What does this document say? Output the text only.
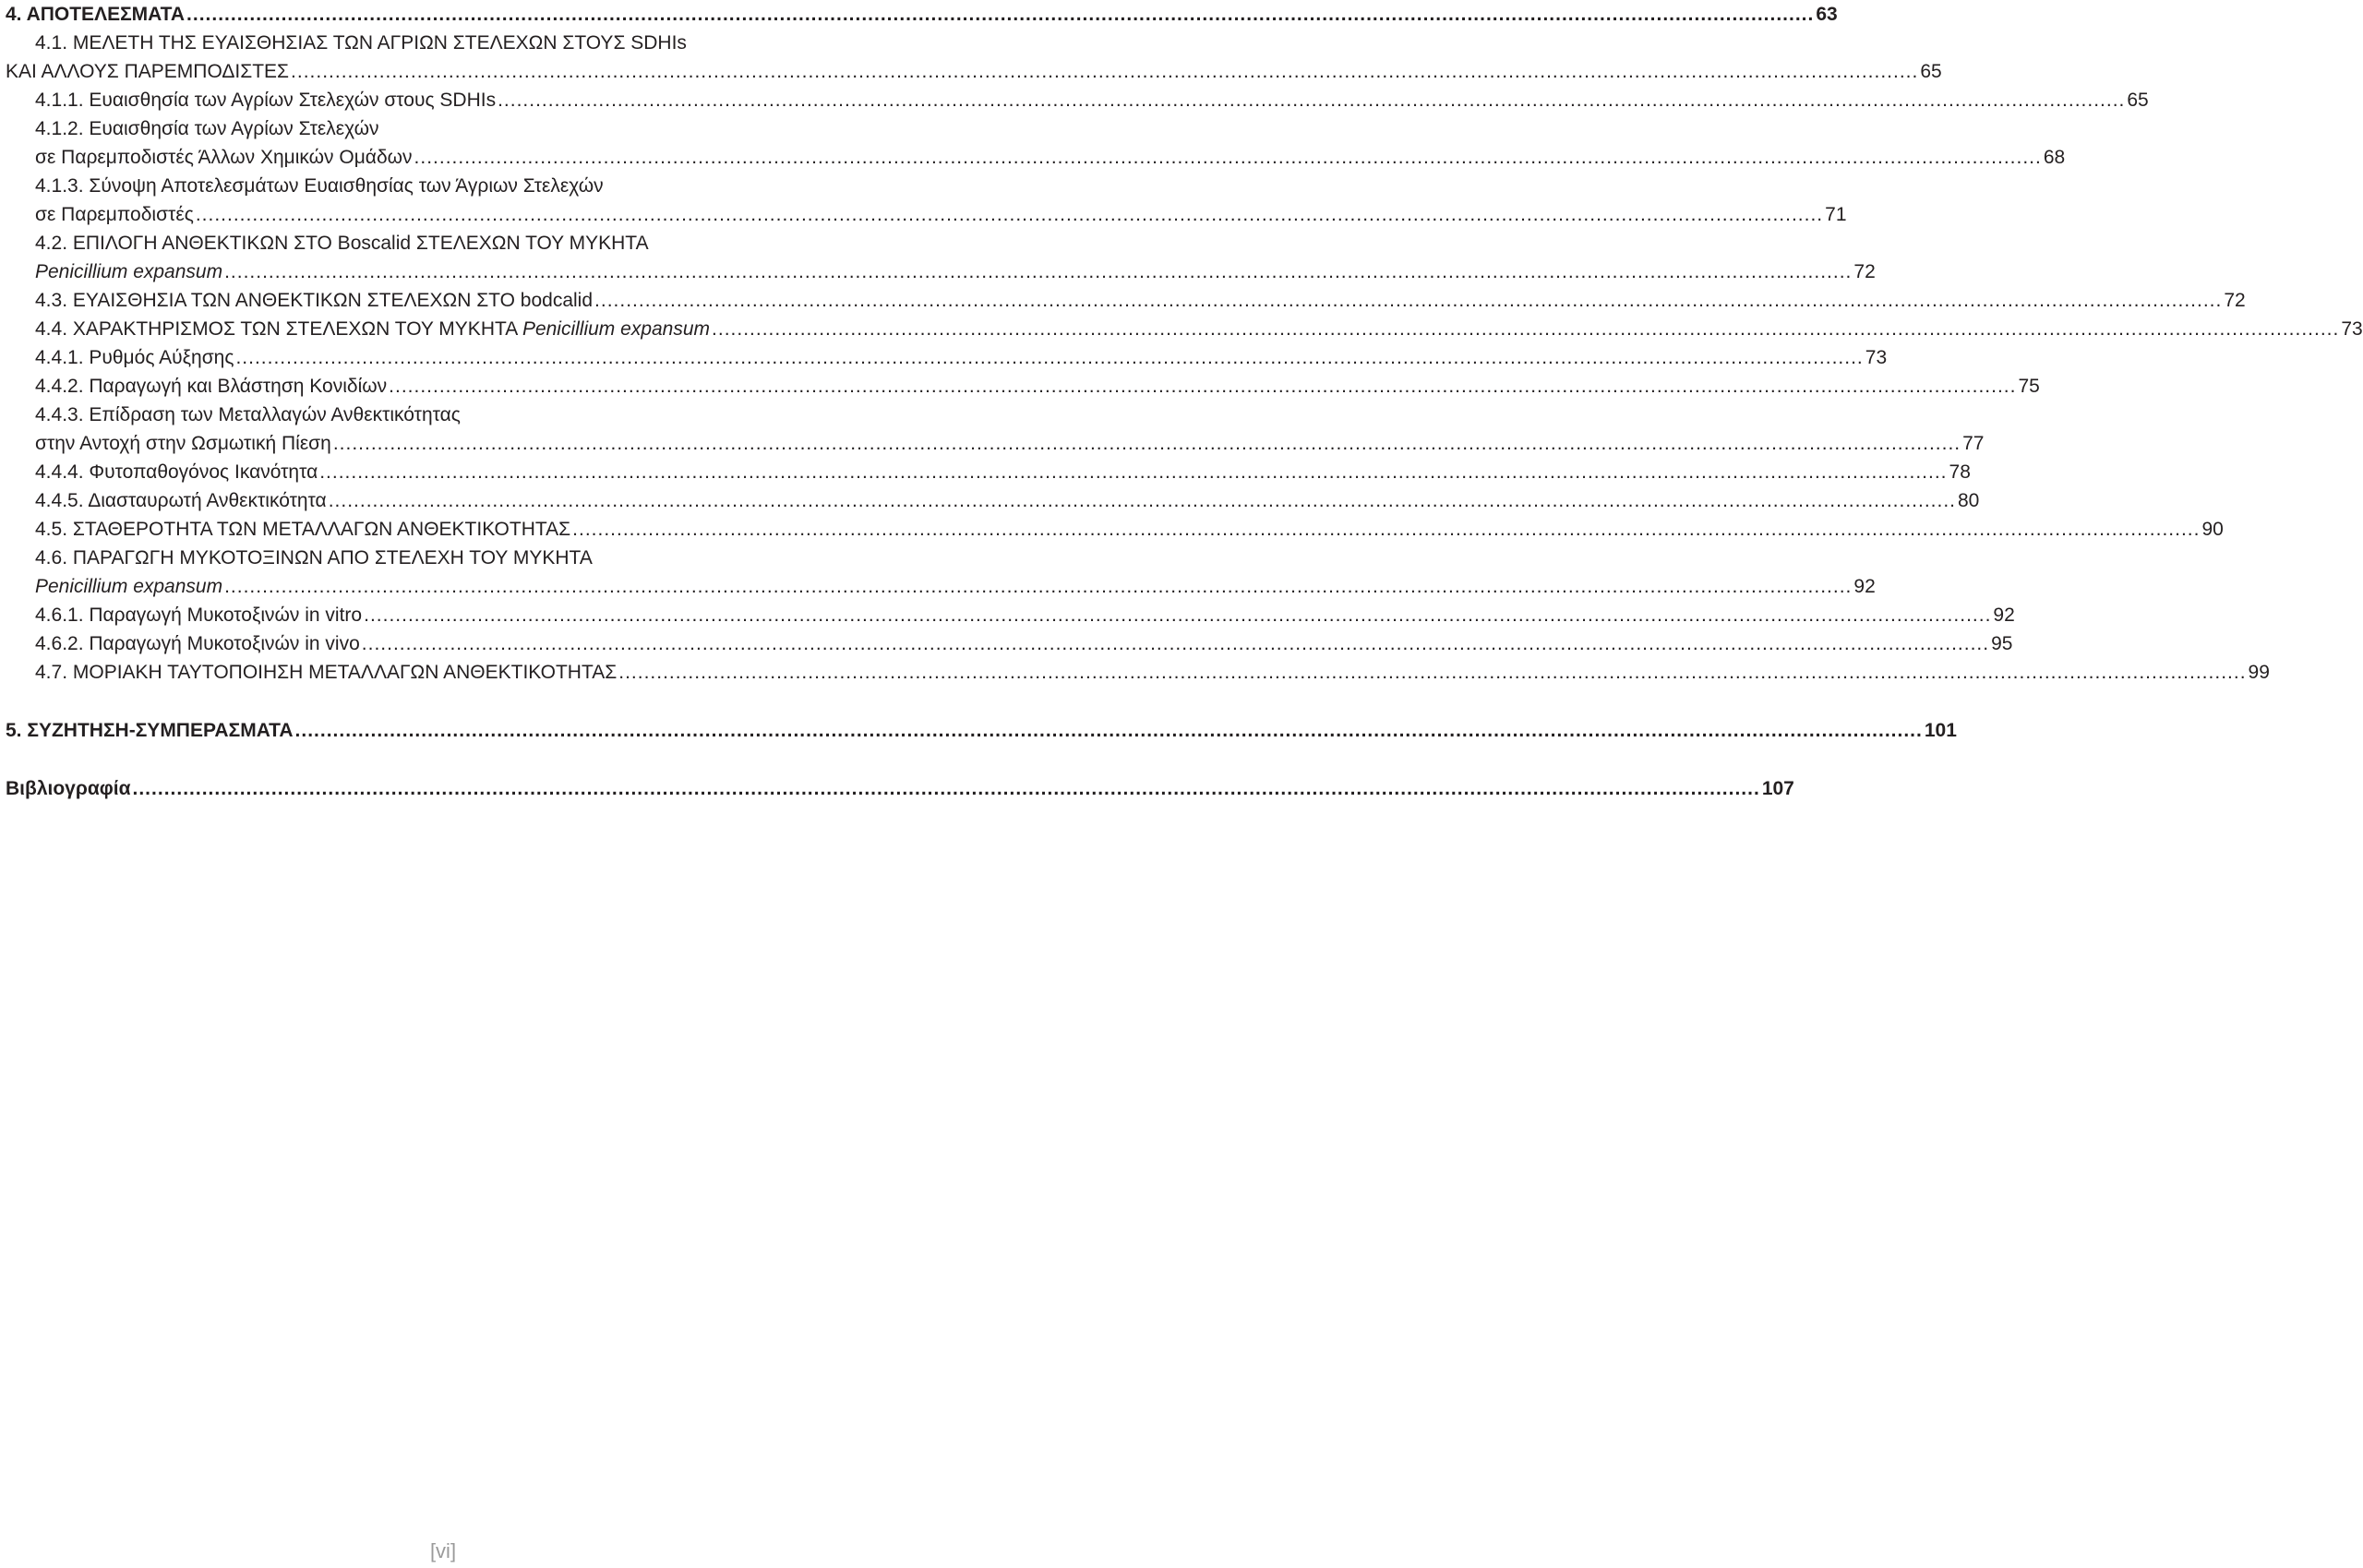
4. ΑΠΟΤΕΛΕΣΜΑΤΑ .....	63
4.1. ΜΕΛΕΤΗ ΤΗΣ ΕΥΑΙΣΘΗΣΙΑΣ ΤΩΝ ΑΓΡΙΩΝ ΣΤΕΛΕΧΩΝ ΣΤΟΥΣ SDHIs
ΚΑΙ ΑΛΛΟΥΣ ΠΑΡΕΜΠΟΔΙΣΤΕΣ .....	65
4.1.1. Ευαισθησία των Αγρίων Στελεχών στους SDHIs .....	65
4.1.2. Ευαισθησία των Αγρίων Στελεχών
σε Παρεμποδιστές Άλλων Χημικών Ομάδων .....	68
4.1.3. Σύνοψη Αποτελεσμάτων Ευαισθησίας των Άγριων Στελεχών
σε Παρεμποδιστές .....	71
4.2. ΕΠΙΛΟΓΗ ΑΝΘΕΚΤΙΚΩΝ ΣΤΟ Boscalid ΣΤΕΛΕΧΩΝ ΤΟΥ ΜΥΚΗΤΑ
Penicillium expansum .....	72
4.3. ΕΥΑΙΣΘΗΣΙΑ ΤΩΝ ΑΝΘΕΚΤΙΚΩΝ ΣΤΕΛΕΧΩΝ ΣΤΟ bodcalid .....	72
4.4. ΧΑΡΑΚΤΗΡΙΣΜΟΣ ΤΩΝ ΣΤΕΛΕΧΩΝ ΤΟΥ ΜΥΚΗΤΑ Penicillium expansum .....	73
4.4.1. Ρυθμός Αύξησης .....	73
4.4.2. Παραγωγή και Βλάστηση Κονιδίων .....	75
4.4.3. Επίδραση των Μεταλλαγών Ανθεκτικότητας
στην Αντοχή στην Ωσμωτική Πίεση .....	77
4.4.4. Φυτοπαθογόνος Ικανότητα .....	78
4.4.5. Διασταυρωτή Ανθεκτικότητα .....	80
4.5. ΣΤΑΘΕΡΟΤΗΤΑ ΤΩΝ ΜΕΤΑΛΛΑΓΩΝ ΑΝΘΕΚΤΙΚΟΤΗΤΑΣ .....	90
4.6. ΠΑΡΑΓΩΓΗ ΜΥΚΟΤΟΞΙΝΩΝ ΑΠΟ ΣΤΕΛΕΧΗ ΤΟΥ ΜΥΚΗΤΑ
Penicillium expansum .....	92
4.6.1. Παραγωγή Μυκοτοξινών in vitro .....	92
4.6.2. Παραγωγή Μυκοτοξινών in vivo .....	95
4.7. ΜΟΡΙΑΚΗ ΤΑΥΤΟΠΟΙΗΣΗ ΜΕΤΑΛΛΑΓΩΝ ΑΝΘΕΚΤΙΚΟΤΗΤΑΣ .....	99
5. ΣΥΖΗΤΗΣΗ-ΣΥΜΠΕΡΑΣΜΑΤΑ .....	101
Βιβλιογραφία .....	107
[vi]
